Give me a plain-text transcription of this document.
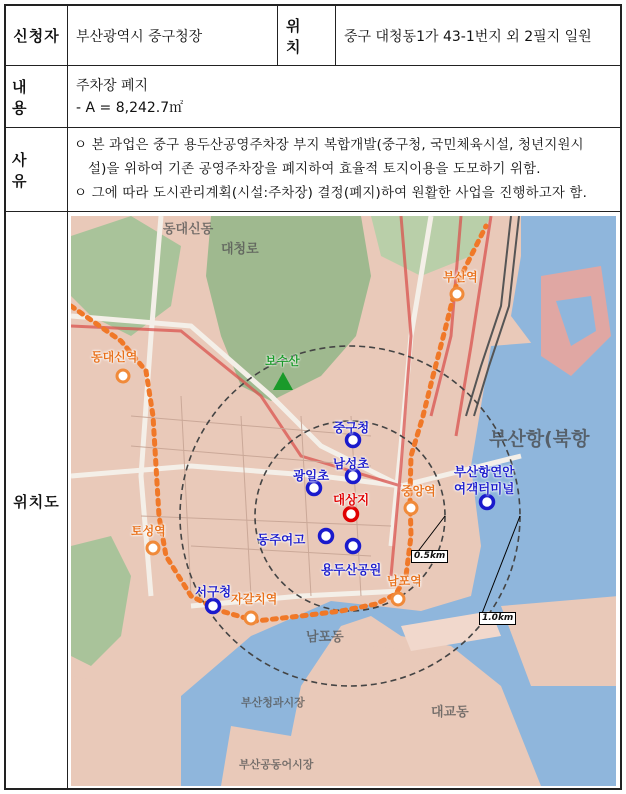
신청자	부산광역시 중구청장
위 치
중구 대청동1가 43-1번지 외 2필지 일원
내 용
주차장 폐지
- A = 8,242.7㎡
사 유
ㅇ 본 과업은 중구 용두산공영주차장 부지 복합개발(중구청, 국민체육시설, 청년지원시
설)을 위하여 기존 공영주차장을 폐지하여 효율적 토지이용을 도모하기 위함.
ㅇ 그에 따라 도시관리계획(시설:주차장) 결정(폐지)하여 원활한 사업을 진행하고자 함.
위치도
동대신동
대청로
부산항(북항
남포동
대교동
부산청과시장
부산공동어시장
보수산
부산역
동대신역
토성역
자갈치역
남포역
중앙역
중구청
남성초
광일초
동주여고
용두산공원
서구청
부산항연안
여객터미널
대상지
0.5km
1.0km
